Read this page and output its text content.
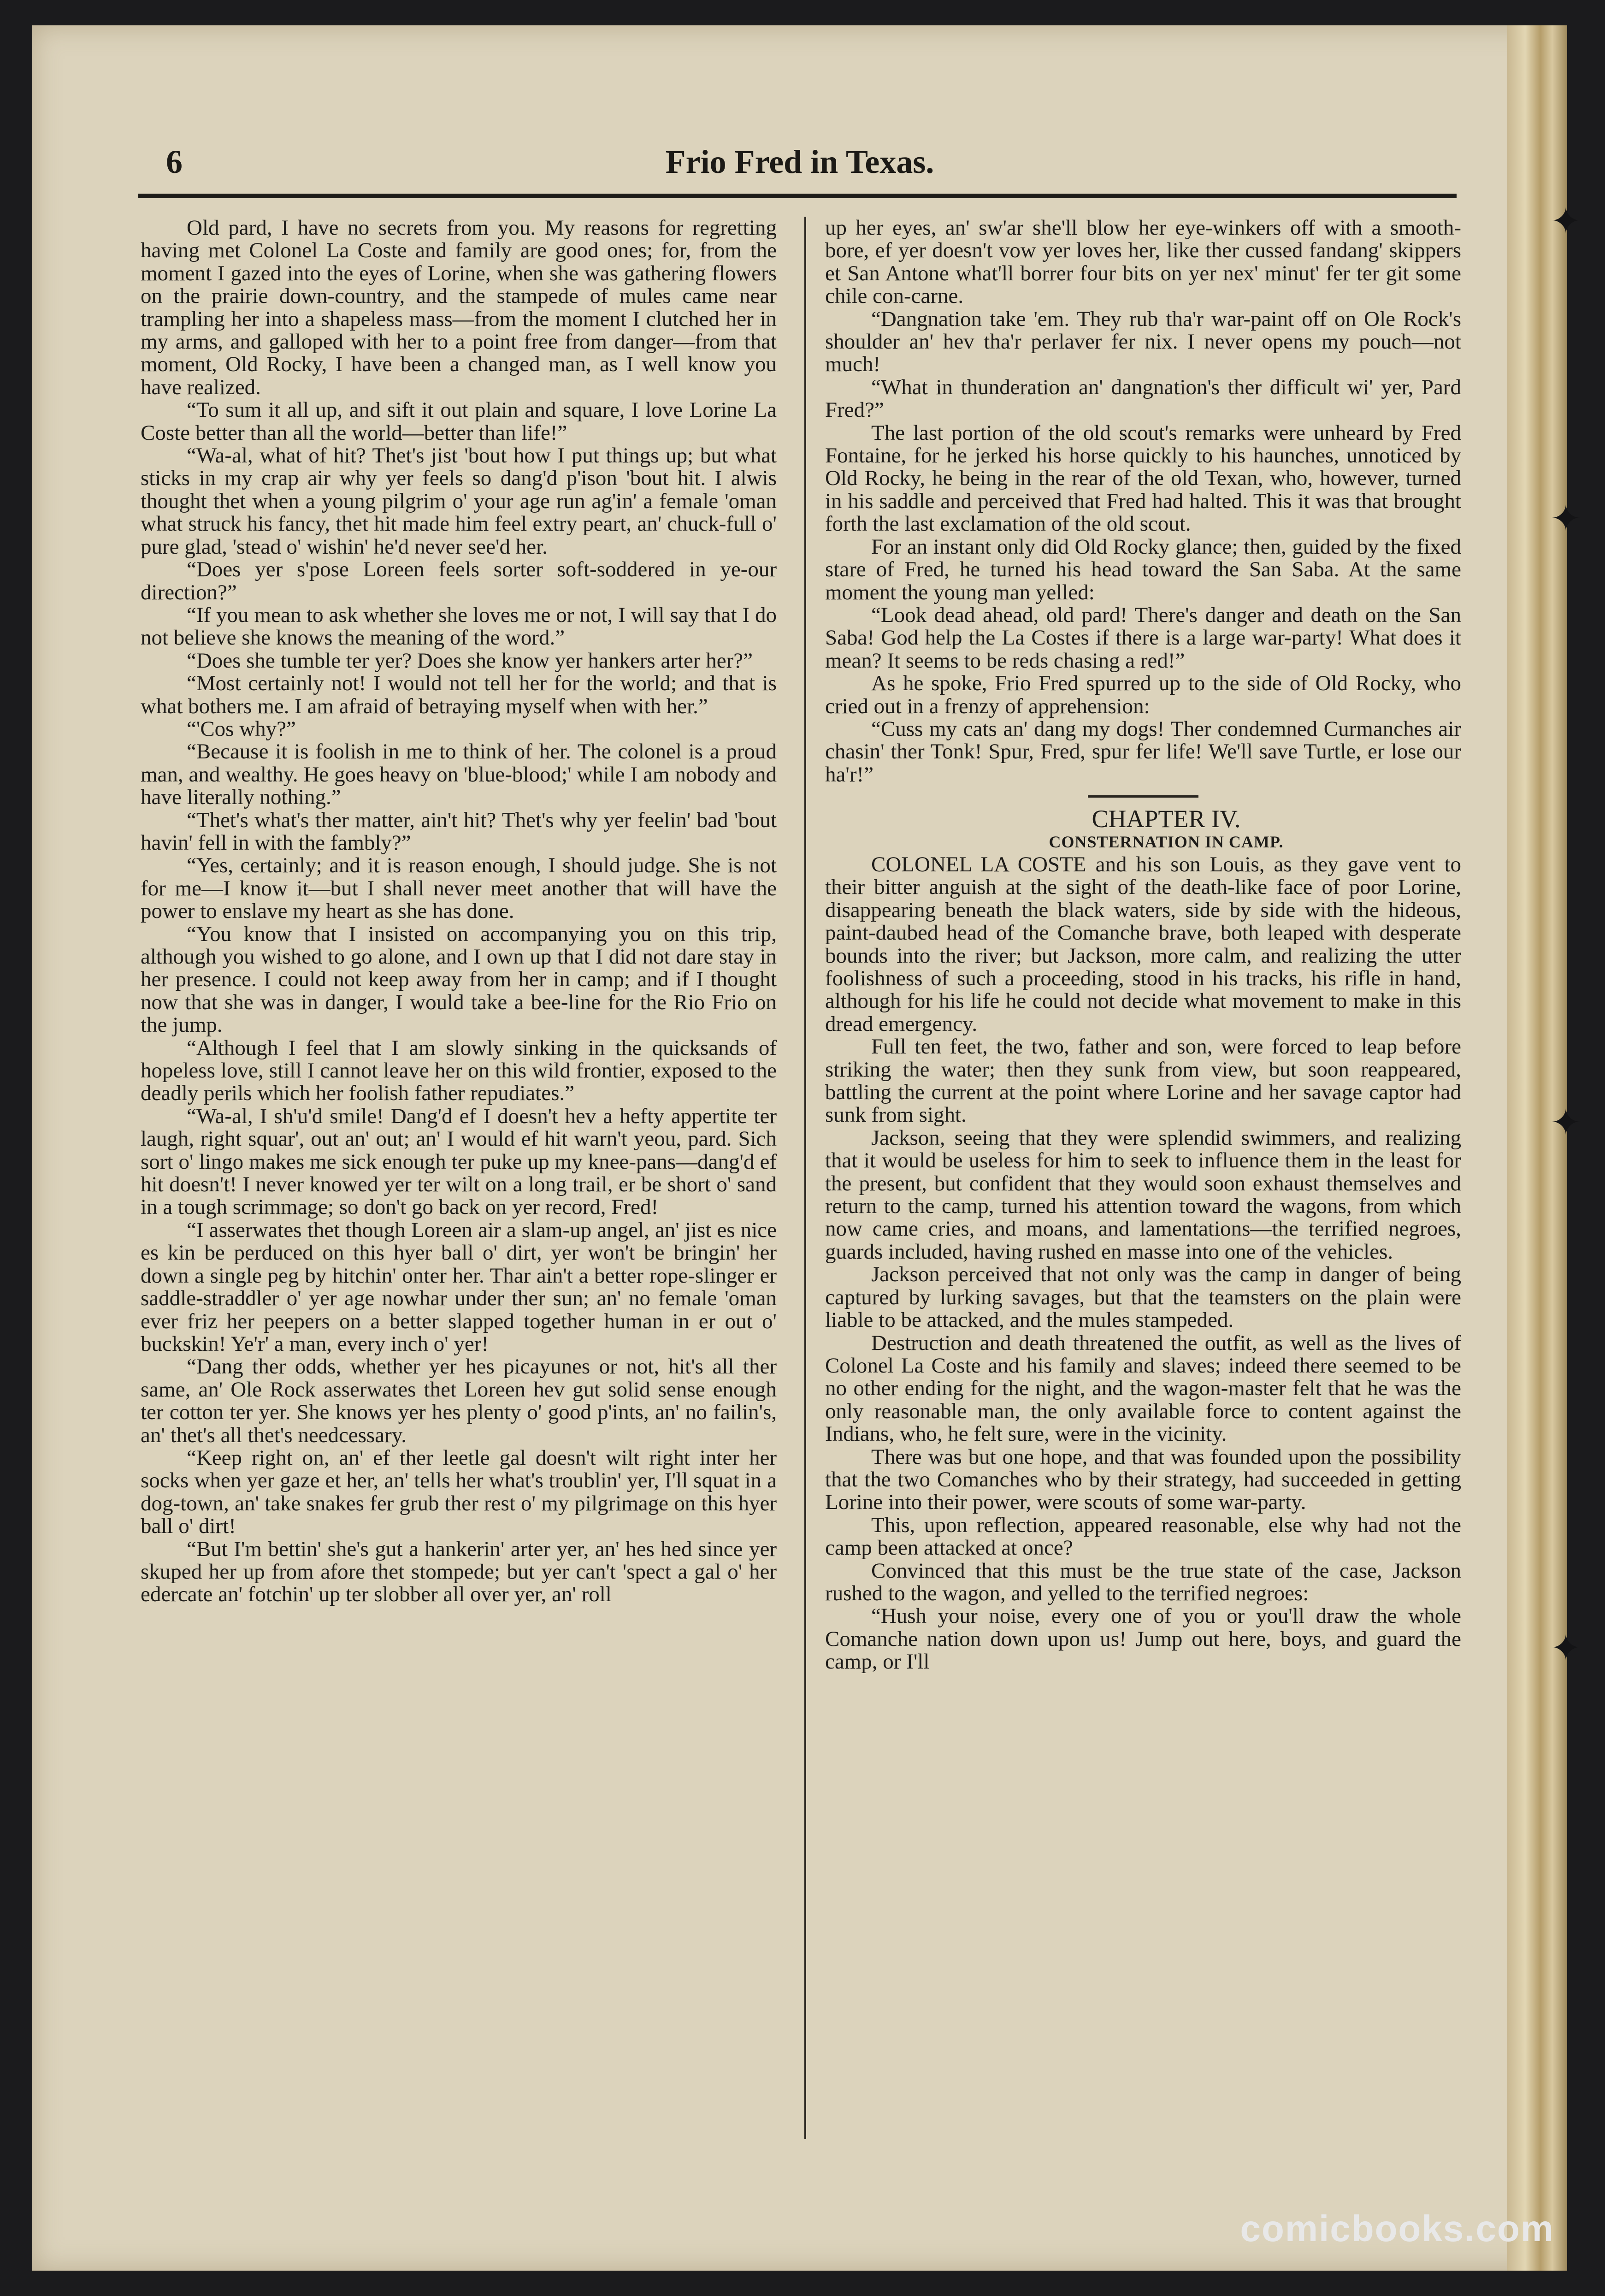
✦
✦
✦
✦
6	Frio Fred in Texas.

Old pard, I have no secrets from you. My reasons for regretting having met Colonel La Coste and family are good ones; for, from the moment I gazed into the eyes of Lorine, when she was gathering flowers on the prairie down-country, and the stampede of mules came near trampling her into a shapeless mass—from the moment I clutched her in my arms, and galloped with her to a point free from danger—from that moment, Old Rocky, I have been a changed man, as I well know you have realized.

“To sum it all up, and sift it out plain and square, I love Lorine La Coste better than all the world—better than life!”

“Wa-al, what of hit? Thet's jist 'bout how I put things up; but what sticks in my crap air why yer feels so dang'd p'ison 'bout hit. I alwis thought thet when a young pilgrim o' your age run ag'in' a female 'oman what struck his fancy, thet hit made him feel extry peart, an' chuck-full o' pure glad, 'stead o' wishin' he'd never see'd her.

“Does yer s'pose Loreen feels sorter soft-soddered in ye-our direction?”

“If you mean to ask whether she loves me or not, I will say that I do not believe she knows the meaning of the word.”

“Does she tumble ter yer? Does she know yer hankers arter her?”

“Most certainly not! I would not tell her for the world; and that is what bothers me. I am afraid of betraying myself when with her.”

“'Cos why?”

“Because it is foolish in me to think of her. The colonel is a proud man, and wealthy. He goes heavy on 'blue-blood;' while I am nobody and have literally nothing.”

“Thet's what's ther matter, ain't hit? Thet's why yer feelin' bad 'bout havin' fell in with the fambly?”

“Yes, certainly; and it is reason enough, I should judge. She is not for me—I know it—but I shall never meet another that will have the power to enslave my heart as she has done.

“You know that I insisted on accompanying you on this trip, although you wished to go alone, and I own up that I did not dare stay in her presence. I could not keep away from her in camp; and if I thought now that she was in danger, I would take a bee-line for the Rio Frio on the jump.

“Although I feel that I am slowly sinking in the quicksands of hopeless love, still I cannot leave her on this wild frontier, exposed to the deadly perils which her foolish father repudiates.”

“Wa-al, I sh'u'd smile! Dang'd ef I doesn't hev a hefty appertite ter laugh, right squar', out an' out; an' I would ef hit warn't yeou, pard. Sich sort o' lingo makes me sick enough ter puke up my knee-pans—dang'd ef hit doesn't! I never knowed yer ter wilt on a long trail, er be short o' sand in a tough scrimmage; so don't go back on yer record, Fred!

“I asserwates thet though Loreen air a slam-up angel, an' jist es nice es kin be perduced on this hyer ball o' dirt, yer won't be bringin' her down a single peg by hitchin' onter her. Thar ain't a better rope-slinger er saddle-straddler o' yer age nowhar under ther sun; an' no female 'oman ever friz her peepers on a better slapped together human in er out o' buckskin! Ye'r' a man, every inch o' yer!

“Dang ther odds, whether yer hes picayunes or not, hit's all ther same, an' Ole Rock asserwates thet Loreen hev gut solid sense enough ter cotton ter yer. She knows yer hes plenty o' good p'ints, an' no failin's, an' thet's all thet's needcessary.

“Keep right on, an' ef ther leetle gal doesn't wilt right inter her socks when yer gaze et her, an' tells her what's troublin' yer, I'll squat in a dog-town, an' take snakes fer grub ther rest o' my pilgrimage on this hyer ball o' dirt!

“But I'm bettin' she's gut a hankerin' arter yer, an' hes hed since yer skuped her up from afore thet stompede; but yer can't 'spect a gal o' her edercate an' fotchin' up ter slobber all over yer, an' roll

up her eyes, an' sw'ar she'll blow her eye-winkers off with a smooth-bore, ef yer doesn't vow yer loves her, like ther cussed fandang' skippers et San Antone what'll borrer four bits on yer nex' minut' fer ter git some chile con-carne.

“Dangnation take 'em. They rub tha'r war-paint off on Ole Rock's shoulder an' hev tha'r perlaver fer nix. I never opens my pouch—not much!

“What in thunderation an' dangnation's ther difficult wi' yer, Pard Fred?”

The last portion of the old scout's remarks were unheard by Fred Fontaine, for he jerked his horse quickly to his haunches, unnoticed by Old Rocky, he being in the rear of the old Texan, who, however, turned in his saddle and perceived that Fred had halted. This it was that brought forth the last exclamation of the old scout.

For an instant only did Old Rocky glance; then, guided by the fixed stare of Fred, he turned his head toward the San Saba. At the same moment the young man yelled:

“Look dead ahead, old pard! There's danger and death on the San Saba! God help the La Costes if there is a large war-party! What does it mean? It seems to be reds chasing a red!”

As he spoke, Frio Fred spurred up to the side of Old Rocky, who cried out in a frenzy of apprehension:

“Cuss my cats an' dang my dogs! Ther condemned Curmanches air chasin' ther Tonk! Spur, Fred, spur fer life! We'll save Turtle, er lose our ha'r!”

CHAPTER IV.

CONSTERNATION IN CAMP.

COLONEL LA COSTE and his son Louis, as they gave vent to their bitter anguish at the sight of the death-like face of poor Lorine, disappearing beneath the black waters, side by side with the hideous, paint-daubed head of the Comanche brave, both leaped with desperate bounds into the river; but Jackson, more calm, and realizing the utter foolishness of such a proceeding, stood in his tracks, his rifle in hand, although for his life he could not decide what movement to make in this dread emergency.

Full ten feet, the two, father and son, were forced to leap before striking the water; then they sunk from view, but soon reappeared, battling the current at the point where Lorine and her savage captor had sunk from sight.

Jackson, seeing that they were splendid swimmers, and realizing that it would be useless for him to seek to influence them in the least for the present, but confident that they would soon exhaust themselves and return to the camp, turned his attention toward the wagons, from which now came cries, and moans, and lamentations—the terrified negroes, guards included, having rushed en masse into one of the vehicles.

Jackson perceived that not only was the camp in danger of being captured by lurking savages, but that the teamsters on the plain were liable to be attacked, and the mules stampeded.

Destruction and death threatened the outfit, as well as the lives of Colonel La Coste and his family and slaves; indeed there seemed to be no other ending for the night, and the wagon-master felt that he was the only reasonable man, the only available force to content against the Indians, who, he felt sure, were in the vicinity.

There was but one hope, and that was founded upon the possibility that the two Comanches who by their strategy, had succeeded in getting Lorine into their power, were scouts of some war-party.

This, upon reflection, appeared reasonable, else why had not the camp been attacked at once?

Convinced that this must be the true state of the case, Jackson rushed to the wagon, and yelled to the terrified negroes:

“Hush your noise, every one of you or you'll draw the whole Comanche nation down upon us! Jump out here, boys, and guard the camp, or I'll

comicbooks.com
